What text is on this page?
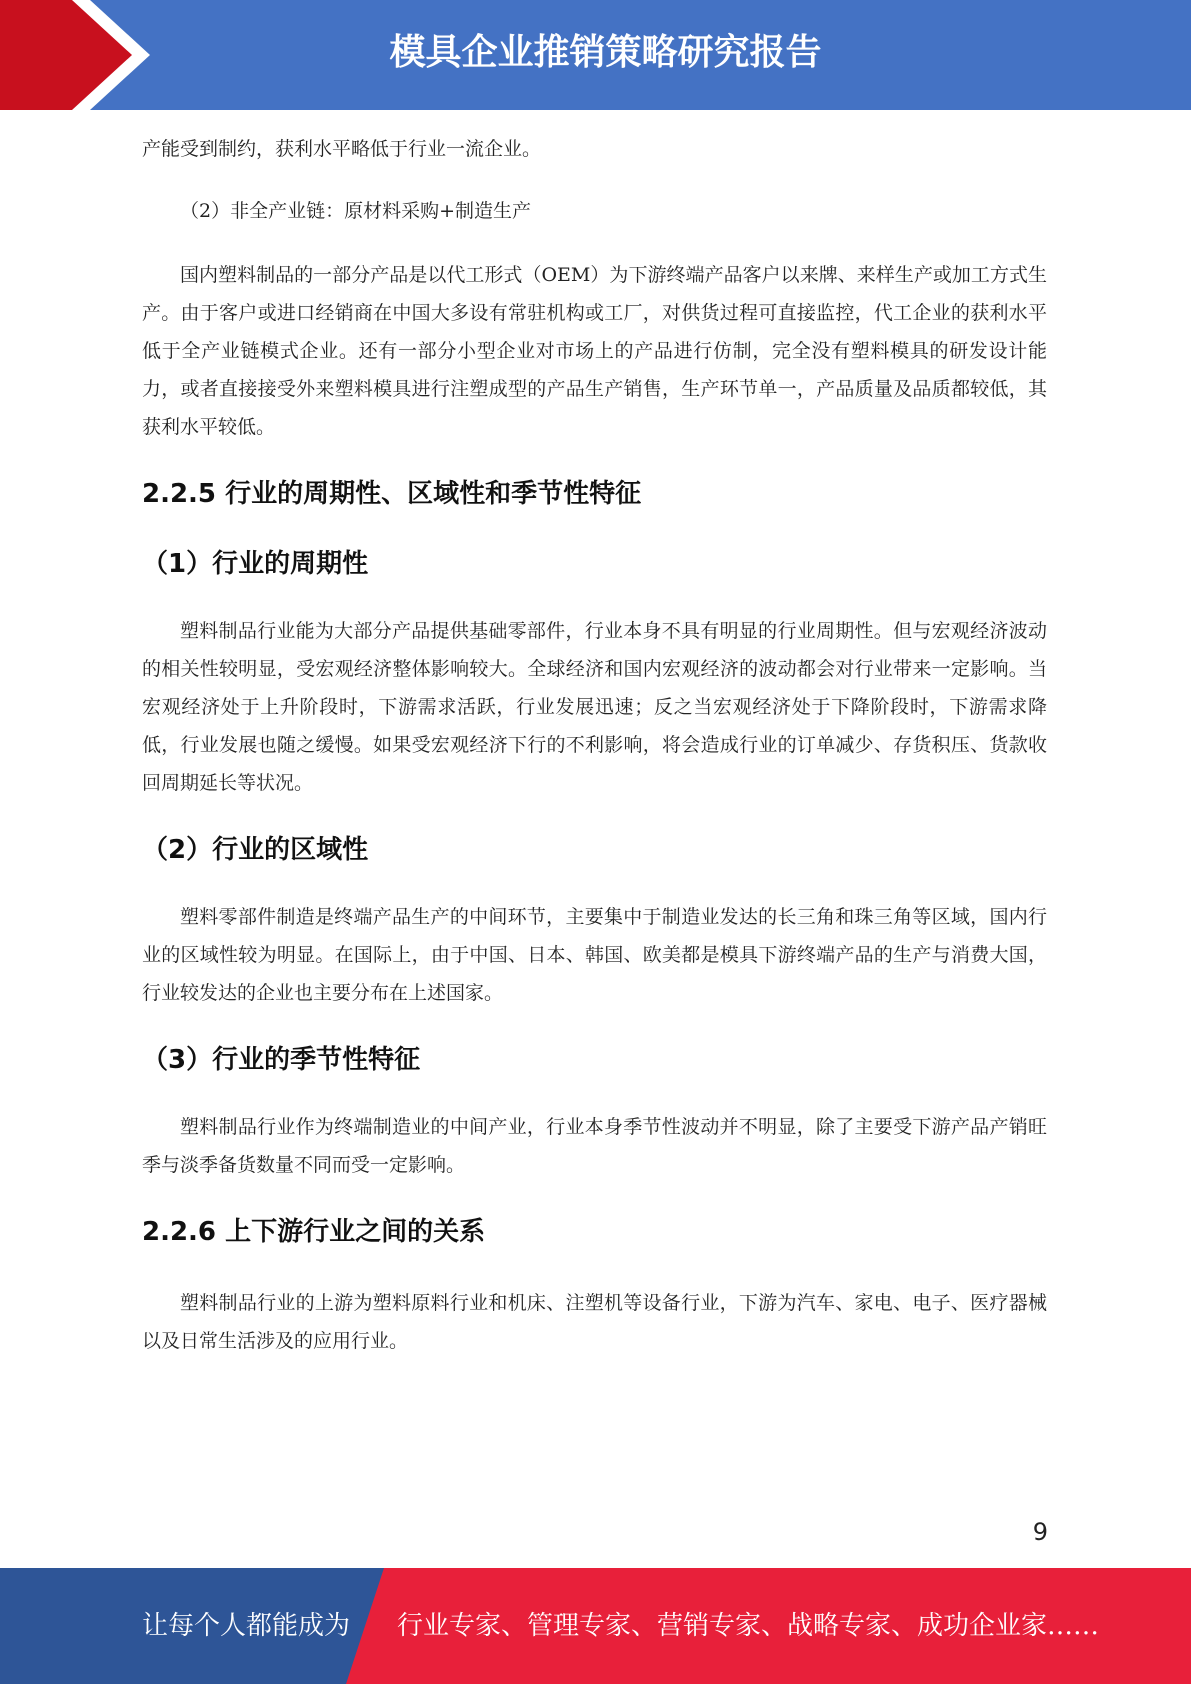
模具企业推销策略研究报告

产能受到制约，获利水平略低于行业一流企业。

（2）非全产业链：原材料采购+制造生产

国内塑料制品的一部分产品是以代工形式（OEM）为下游终端产品客户以来牌、来样生产或加工方式生产。由于客户或进口经销商在中国大多设有常驻机构或工厂，对供货过程可直接监控，代工企业的获利水平低于全产业链模式企业。还有一部分小型企业对市场上的产品进行仿制，完全没有塑料模具的研发设计能力，或者直接接受外来塑料模具进行注塑成型的产品生产销售，生产环节单一，产品质量及品质都较低，其获利水平较低。

2.2.5 行业的周期性、区域性和季节性特征
（1）行业的周期性

塑料制品行业能为大部分产品提供基础零部件，行业本身不具有明显的行业周期性。但与宏观经济波动的相关性较明显，受宏观经济整体影响较大。全球经济和国内宏观经济的波动都会对行业带来一定影响。当宏观经济处于上升阶段时，下游需求活跃，行业发展迅速；反之当宏观经济处于下降阶段时，下游需求降低，行业发展也随之缓慢。如果受宏观经济下行的不利影响，将会造成行业的订单减少、存货积压、货款收回周期延长等状况。

（2）行业的区域性

塑料零部件制造是终端产品生产的中间环节，主要集中于制造业发达的长三角和珠三角等区域，国内行业的区域性较为明显。在国际上，由于中国、日本、韩国、欧美都是模具下游终端产品的生产与消费大国，行业较发达的企业也主要分布在上述国家。

（3）行业的季节性特征

塑料制品行业作为终端制造业的中间产业，行业本身季节性波动并不明显，除了主要受下游产品产销旺季与淡季备货数量不同而受一定影响。

2.2.6 上下游行业之间的关系

塑料制品行业的上游为塑料原料行业和机床、注塑机等设备行业，下游为汽车、家电、电子、医疗器械以及日常生活涉及的应用行业。

9
让每个人都能成为 行业专家、管理专家、营销专家、战略专家、成功企业家……
